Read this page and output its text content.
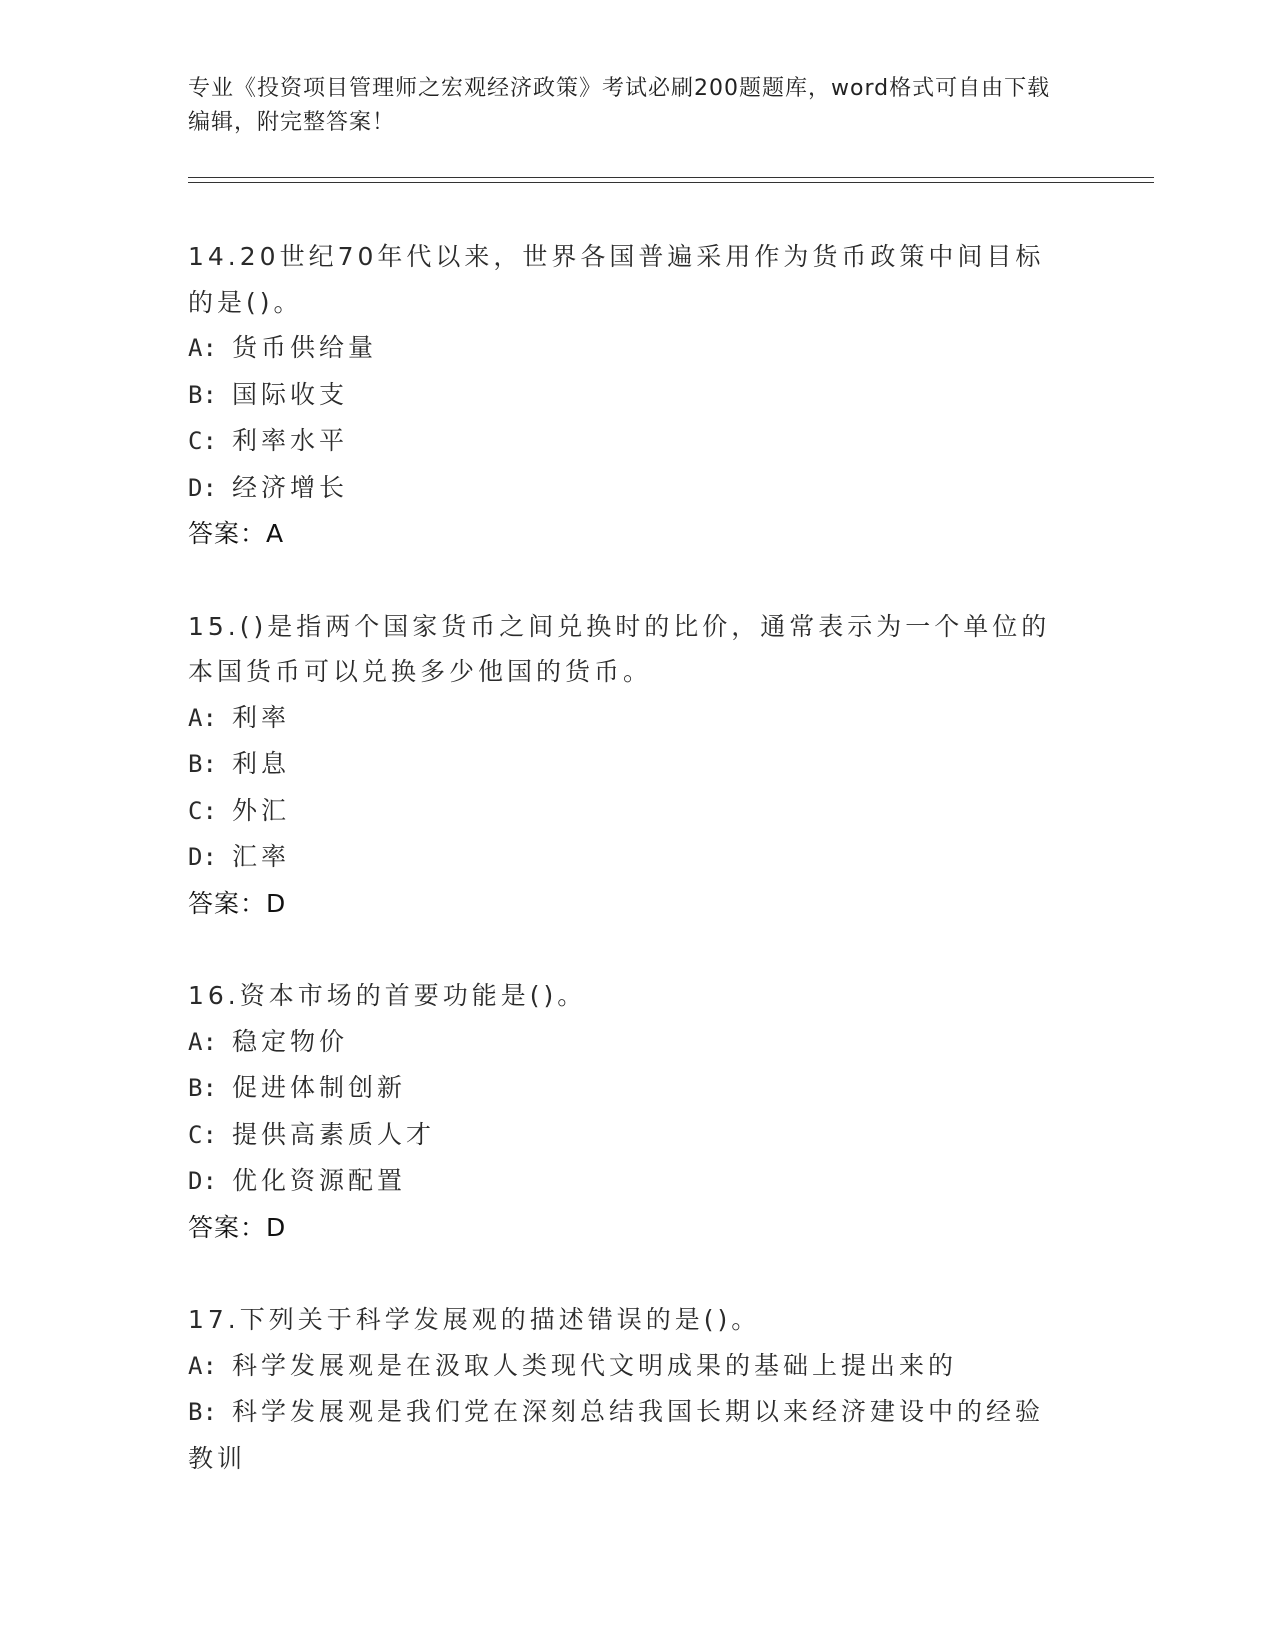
专业《投资项目管理师之宏观经济政策》考试必刷200题题库，word格式可自由下载编辑，附完整答案！
14.20世纪70年代以来，世界各国普遍采用作为货币政策中间目标的是()。
A: 货币供给量
B: 国际收支
C: 利率水平
D: 经济增长
答案：A
15.()是指两个国家货币之间兑换时的比价，通常表示为一个单位的本国货币可以兑换多少他国的货币。
A: 利率
B: 利息
C: 外汇
D: 汇率
答案：D
16.资本市场的首要功能是()。
A: 稳定物价
B: 促进体制创新
C: 提供高素质人才
D: 优化资源配置
答案：D
17.下列关于科学发展观的描述错误的是()。
A: 科学发展观是在汲取人类现代文明成果的基础上提出来的
B: 科学发展观是我们党在深刻总结我国长期以来经济建设中的经验教训
